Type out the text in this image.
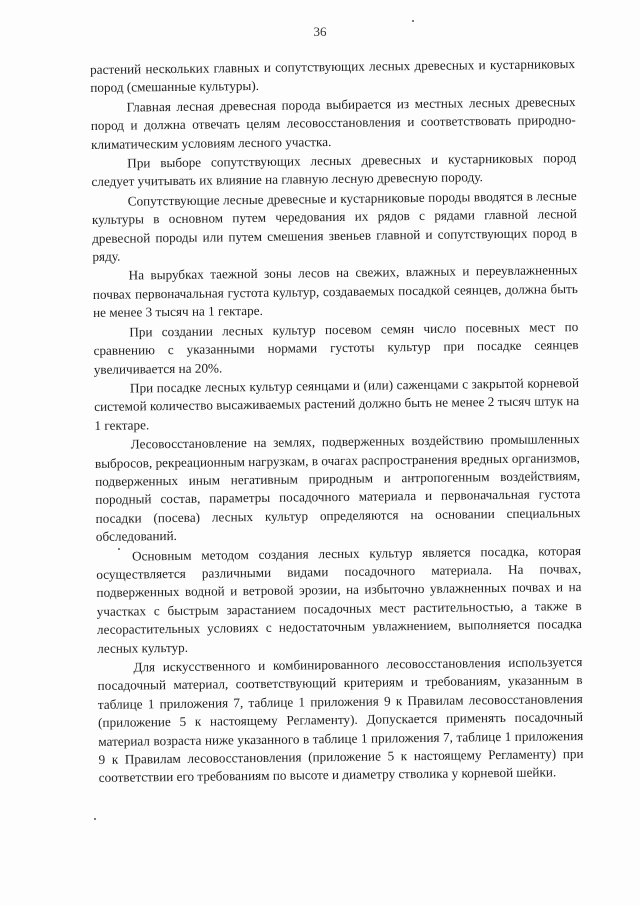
36

растений нескольких главных и сопутствующих лесных древесных и кустарниковых пород (смешанные культуры).

Главная лесная древесная порода выбирается из местных лесных древесных пород и должна отвечать целям лесовосстановления и соответствовать природно-климатическим условиям лесного участка.

При выборе сопутствующих лесных древесных и кустарниковых пород следует учитывать их влияние на главную лесную древесную породу.

Сопутствующие лесные древесные и кустарниковые породы вводятся в лесные культуры в основном путем чередования их рядов с рядами главной лесной древесной породы или путем смешения звеньев главной и сопутствующих пород в ряду.

На вырубках таежной зоны лесов на свежих, влажных и переувлажненных почвах первоначальная густота культур, создаваемых посадкой сеянцев, должна быть не менее 3 тысяч на 1 гектаре.

При создании лесных культур посевом семян число посевных мест по сравнению с указанными нормами густоты культур при посадке сеянцев увеличивается на 20%.

При посадке лесных культур сеянцами и (или) саженцами с закрытой корневой системой количество высаживаемых растений должно быть не менее 2 тысяч штук на 1 гектаре.

Лесовосстановление на землях, подверженных воздействию промышленных выбросов, рекреационным нагрузкам, в очагах распространения вредных организмов, подверженных иным негативным природным и антропогенным воздействиям, породный состав, параметры посадочного материала и первоначальная густота посадки (посева) лесных культур определяются на основании специальных обследований.

Основным методом создания лесных культур является посадка, которая осуществляется различными видами посадочного материала. На почвах, подверженных водной и ветровой эрозии, на избыточно увлажненных почвах и на участках с быстрым зарастанием посадочных мест растительностью, а также в лесорастительных условиях с недостаточным увлажнением, выполняется посадка лесных культур.

Для искусственного и комбинированного лесовосстановления используется посадочный материал, соответствующий критериям и требованиям, указанным в таблице 1 приложения 7, таблице 1 приложения 9 к Правилам лесовосстановления (приложение 5 к настоящему Регламенту). Допускается применять посадочный материал возраста ниже указанного в таблице 1 приложения 7, таблице 1 приложения 9 к Правилам лесовосстановления (приложение 5 к настоящему Регламенту) при соответствии его требованиям по высоте и диаметру стволика у корневой шейки.
